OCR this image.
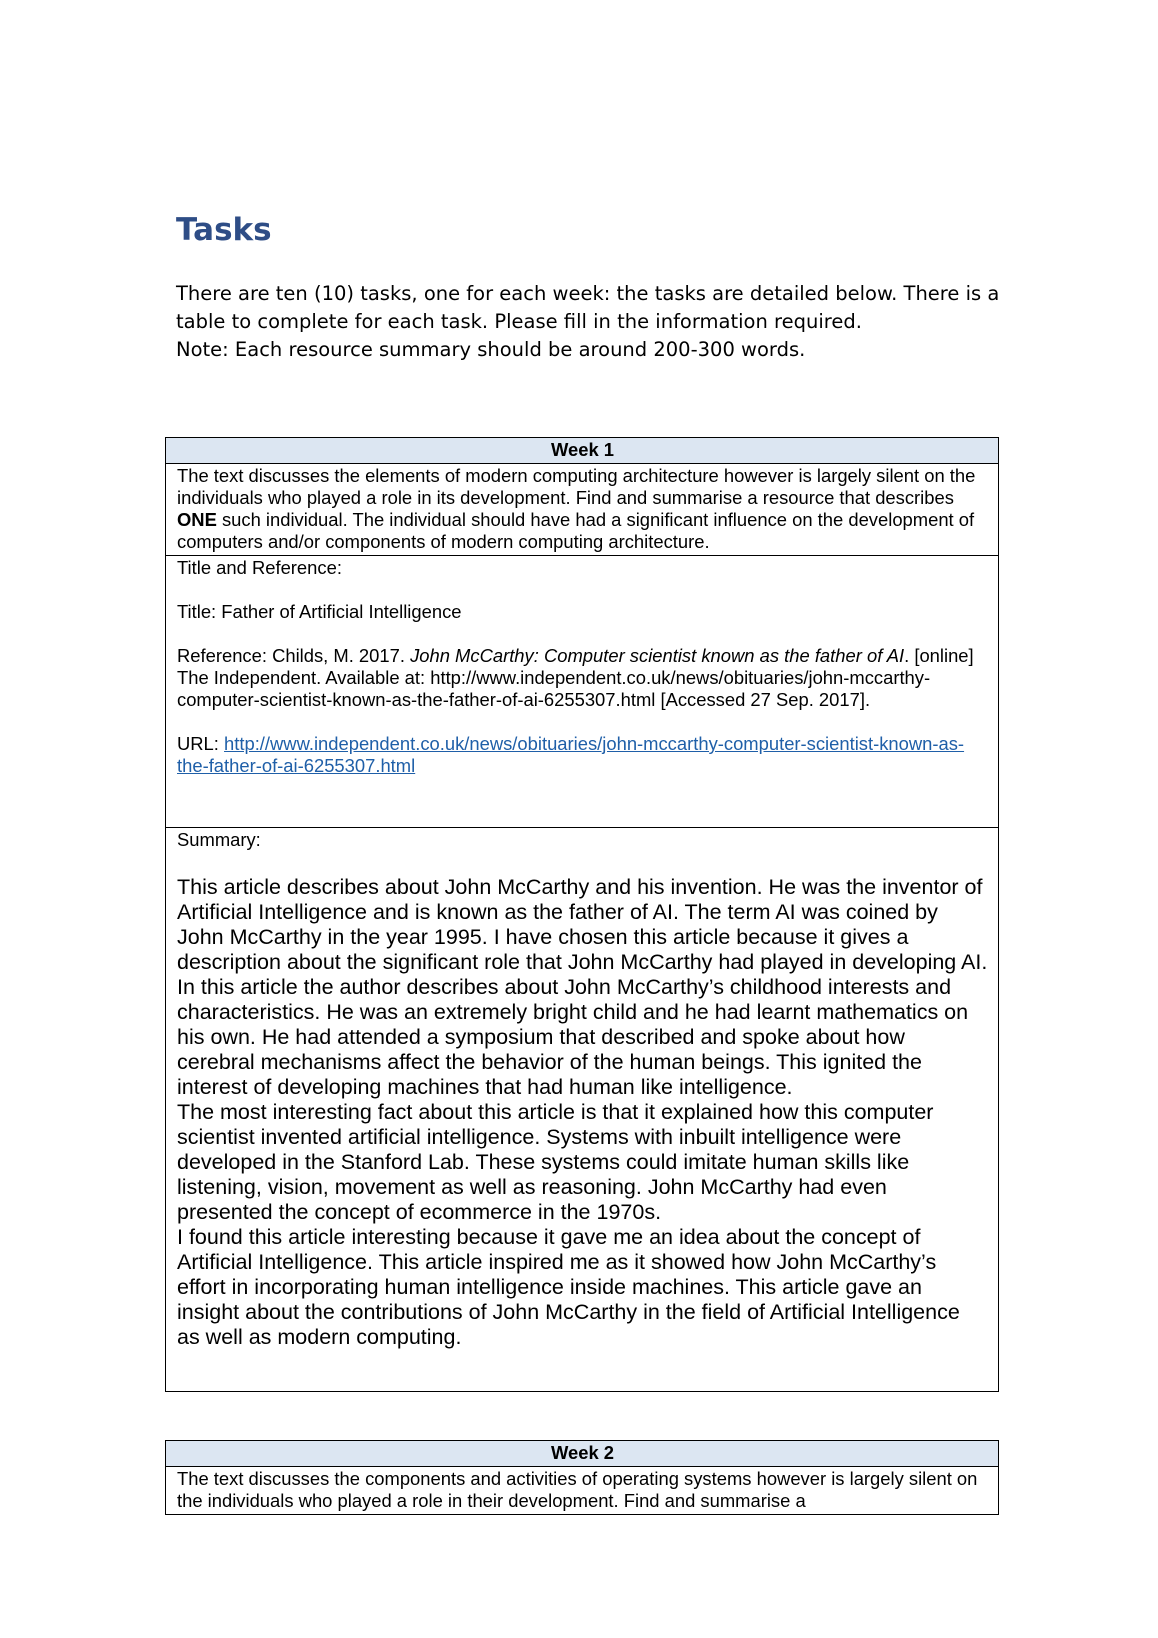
Tasks

There are ten (10) tasks, one for each week: the tasks are detailed below. There is a table to complete for each task. Please fill in the information required.

Note: Each resource summary should be around 200-300 words.

Week 1
The text discusses the elements of modern computing architecture however is largely silent on the individuals who played a role in its development. Find and summarise a resource that describes ONE such individual. The individual should have had a significant influence on the development of computers and/or components of modern computing architecture.

Title and Reference:

Title: Father of Artificial Intelligence

Reference: Childs, M. 2017. John McCarthy: Computer scientist known as the father of AI. [online] The Independent. Available at: http://www.independent.co.uk/news/obituaries/john-mccarthy-computer-scientist-known-as-the-father-of-ai-6255307.html [Accessed 27 Sep. 2017].

URL: http://www.independent.co.uk/news/obituaries/john-mccarthy-computer-scientist-known-as-the-father-of-ai-6255307.html

Summary:

This article describes about John McCarthy and his invention. He was the inventor of Artificial Intelligence and is known as the father of AI. The term AI was coined by John McCarthy in the year 1995. I have chosen this article because it gives a description about the significant role that John McCarthy had played in developing AI.

In this article the author describes about John McCarthy’s childhood interests and characteristics. He was an extremely bright child and he had learnt mathematics on his own. He had attended a symposium that described and spoke about how cerebral mechanisms affect the behavior of the human beings. This ignited the interest of developing machines that had human like intelligence.

The most interesting fact about this article is that it explained how this computer scientist invented artificial intelligence. Systems with inbuilt intelligence were developed in the Stanford Lab. These systems could imitate human skills like listening, vision, movement as well as reasoning. John McCarthy had even presented the concept of ecommerce in the 1970s.

I found this article interesting because it gave me an idea about the concept of Artificial Intelligence. This article inspired me as it showed how John McCarthy’s effort in incorporating human intelligence inside machines. This article gave an insight about the contributions of John McCarthy in the field of Artificial Intelligence as well as modern computing.

Week 2
The text discusses the components and activities of operating systems however is largely silent on the individuals who played a role in their development. Find and summarise a
